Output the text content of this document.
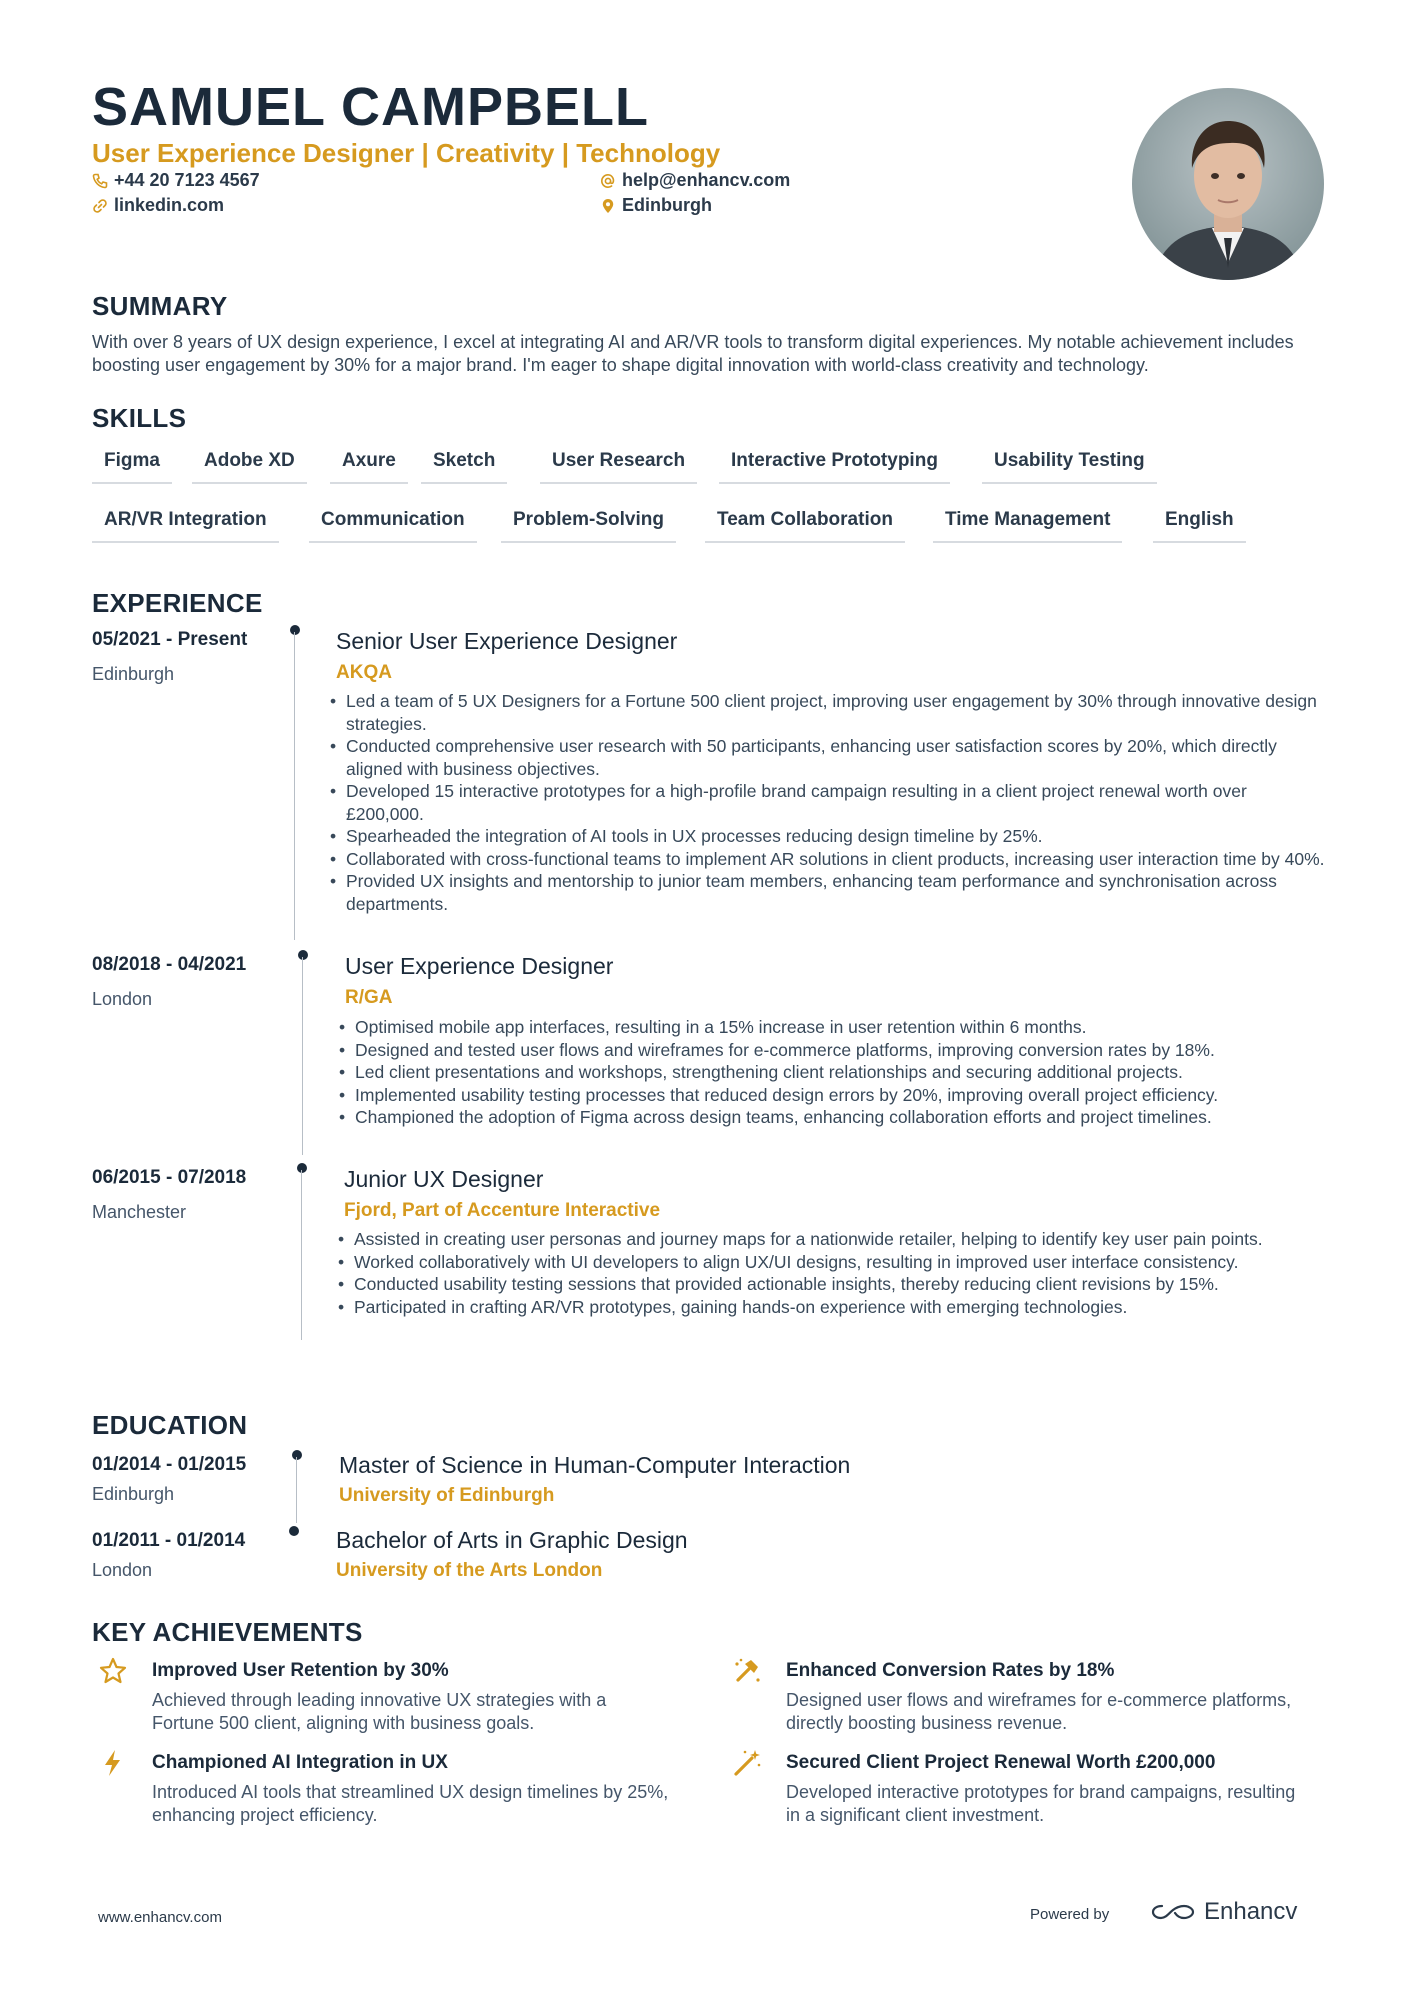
SAMUEL CAMPBELL
User Experience Designer | Creativity | Technology
+44 20 7123 4567
linkedin.com
help@enhancv.com
Edinburgh
SUMMARY
With over 8 years of UX design experience, I excel at integrating AI and AR/VR tools to transform digital experiences. My notable achievement includes boosting user engagement by 30% for a major brand. I'm eager to shape digital innovation with world-class creativity and technology.
SKILLS
Figma	Adobe XD	Axure	Sketch	User Research	Interactive Prototyping	Usability Testing
AR/VR Integration	Communication	Problem-Solving	Team Collaboration	Time Management	English
EXPERIENCE
05/2021 - Present
Edinburgh
Senior User Experience Designer
AKQA
• Led a team of 5 UX Designers for a Fortune 500 client project, improving user engagement by 30% through innovative design strategies.
• Conducted comprehensive user research with 50 participants, enhancing user satisfaction scores by 20%, which directly aligned with business objectives.
• Developed 15 interactive prototypes for a high-profile brand campaign resulting in a client project renewal worth over £200,000.
• Spearheaded the integration of AI tools in UX processes reducing design timeline by 25%.
• Collaborated with cross-functional teams to implement AR solutions in client products, increasing user interaction time by 40%.
• Provided UX insights and mentorship to junior team members, enhancing team performance and synchronisation across departments.
08/2018 - 04/2021
London
User Experience Designer
R/GA
• Optimised mobile app interfaces, resulting in a 15% increase in user retention within 6 months.
• Designed and tested user flows and wireframes for e-commerce platforms, improving conversion rates by 18%.
• Led client presentations and workshops, strengthening client relationships and securing additional projects.
• Implemented usability testing processes that reduced design errors by 20%, improving overall project efficiency.
• Championed the adoption of Figma across design teams, enhancing collaboration efforts and project timelines.
06/2015 - 07/2018
Manchester
Junior UX Designer
Fjord, Part of Accenture Interactive
• Assisted in creating user personas and journey maps for a nationwide retailer, helping to identify key user pain points.
• Worked collaboratively with UI developers to align UX/UI designs, resulting in improved user interface consistency.
• Conducted usability testing sessions that provided actionable insights, thereby reducing client revisions by 15%.
• Participated in crafting AR/VR prototypes, gaining hands-on experience with emerging technologies.
EDUCATION
01/2014 - 01/2015
Edinburgh
Master of Science in Human-Computer Interaction
University of Edinburgh
01/2011 - 01/2014
London
Bachelor of Arts in Graphic Design
University of the Arts London
KEY ACHIEVEMENTS
Improved User Retention by 30%
Achieved through leading innovative UX strategies with a Fortune 500 client, aligning with business goals.
Enhanced Conversion Rates by 18%
Designed user flows and wireframes for e-commerce platforms, directly boosting business revenue.
Championed AI Integration in UX
Introduced AI tools that streamlined UX design timelines by 25%, enhancing project efficiency.
Secured Client Project Renewal Worth £200,000
Developed interactive prototypes for brand campaigns, resulting in a significant client investment.
www.enhancv.com	Powered by	Enhancv
